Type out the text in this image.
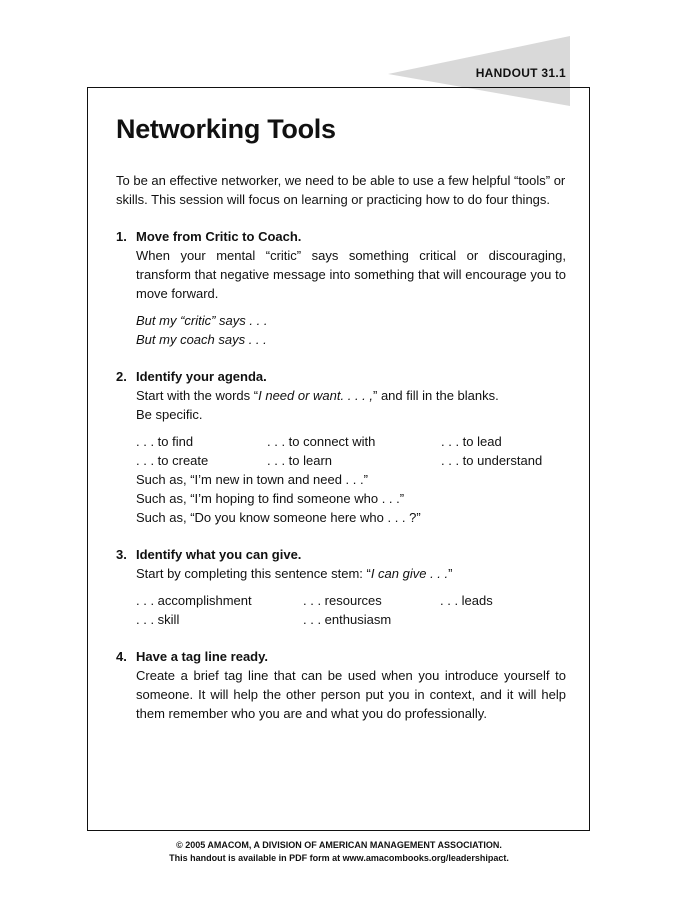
HANDOUT 31.1
Networking Tools
To be an effective networker, we need to be able to use a few helpful “tools” or skills. This session will focus on learning or practicing how to do four things.
1. Move from Critic to Coach.
When your mental “critic” says something critical or discouraging, transform that negative message into something that will encourage you to move forward.
But my “critic” says . . .
But my coach says . . .
2. Identify your agenda.
Start with the words “I need or want. . . . ,” and fill in the blanks.
Be specific.
. . . to find	. . . to connect with	. . . to lead
. . . to create	. . . to learn	. . . to understand
Such as, “I’m new in town and need . . .”
Such as, “I’m hoping to find someone who . . .”
Such as, “Do you know someone here who . . . ?”
3. Identify what you can give.
Start by completing this sentence stem: “I can give . . .”
. . . accomplishment	. . . resources	. . . leads
. . . skill	. . . enthusiasm
4. Have a tag line ready.
Create a brief tag line that can be used when you introduce yourself to someone. It will help the other person put you in context, and it will help them remember who you are and what you do professionally.
© 2005 AMACOM, A DIVISION OF AMERICAN MANAGEMENT ASSOCIATION.
This handout is available in PDF form at www.amacombooks.org/leadershipact.
